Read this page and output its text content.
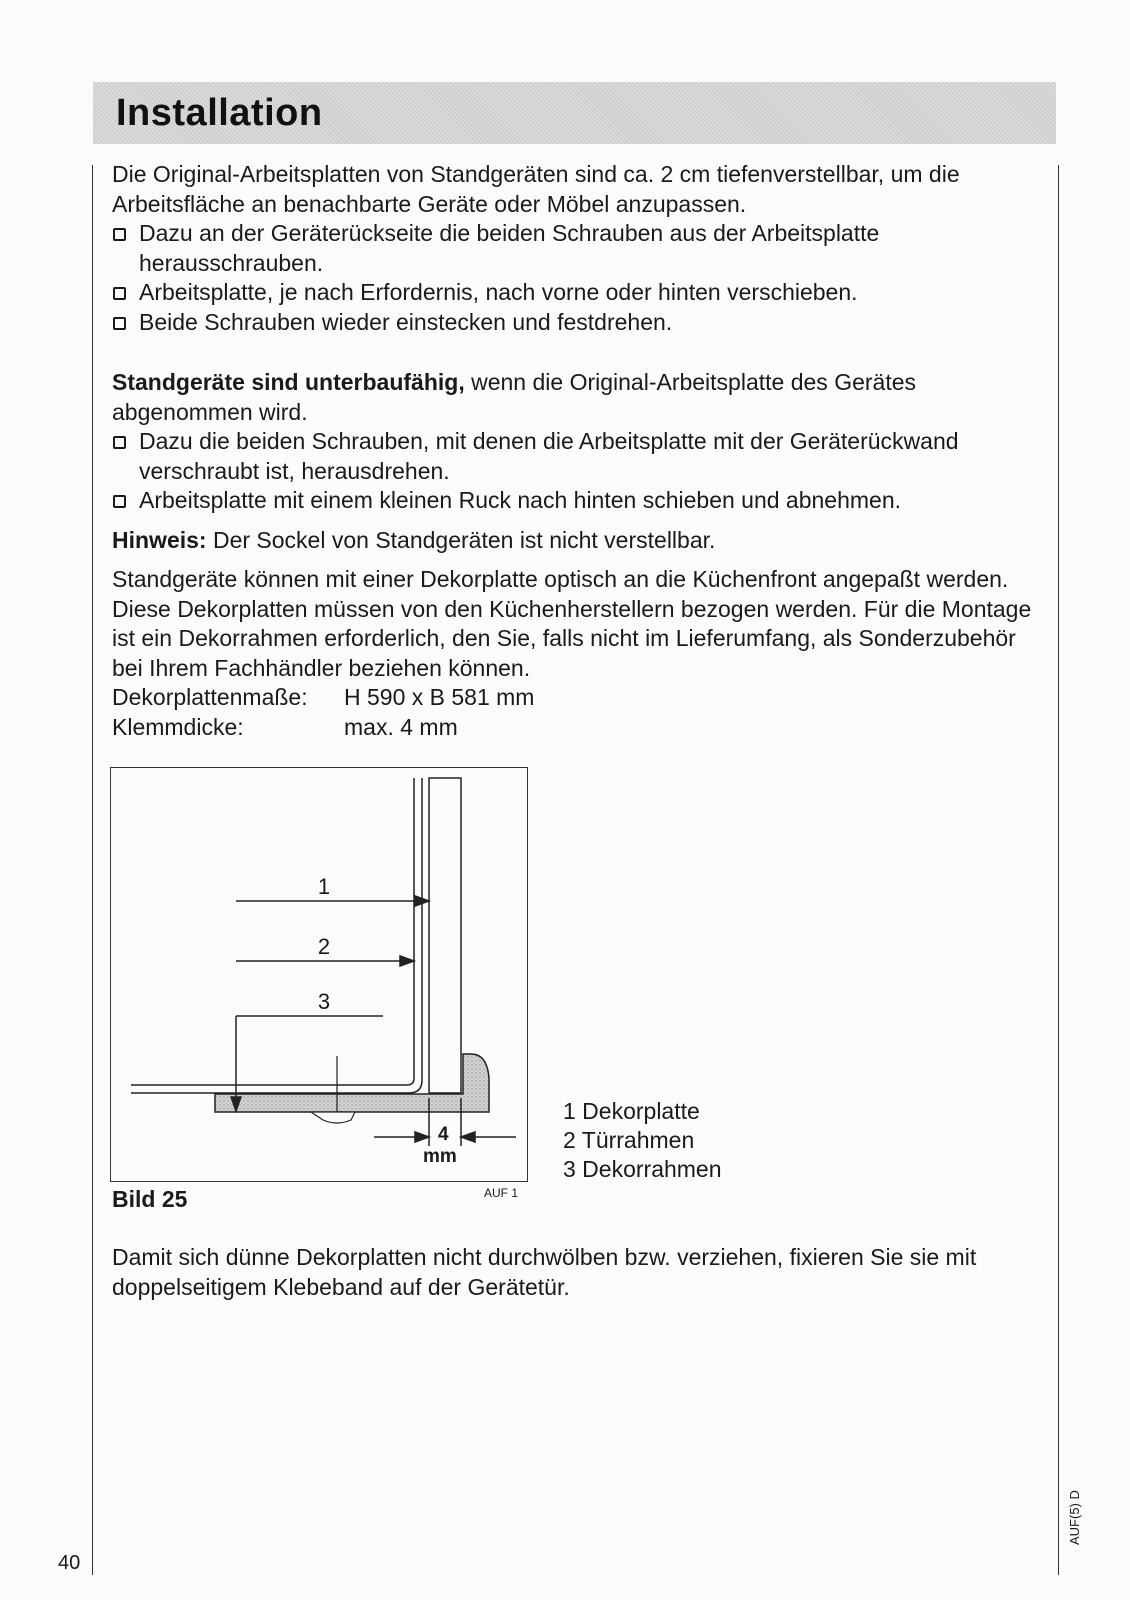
Installation

Die Original-Arbeitsplatten von Standgeräten sind ca. 2 cm tiefenverstellbar, um die Arbeitsfläche an benachbarte Geräte oder Möbel anzupassen.

Dazu an der Geräterückseite die beiden Schrauben aus der Arbeitsplatte herausschrauben.
Arbeitsplatte, je nach Erfordernis, nach vorne oder hinten verschieben.
Beide Schrauben wieder einstecken und festdrehen.

Standgeräte sind unterbaufähig, wenn die Original-Arbeitsplatte des Gerätes abgenommen wird.

Dazu die beiden Schrauben, mit denen die Arbeitsplatte mit der Geräterückwand verschraubt ist, herausdrehen.
Arbeitsplatte mit einem kleinen Ruck nach hinten schieben und abnehmen.

Hinweis: Der Sockel von Standgeräten ist nicht verstellbar.

Standgeräte können mit einer Dekorplatte optisch an die Küchenfront angepaßt werden. Diese Dekorplatten müssen von den Küchenherstellern bezogen werden. Für die Montage ist ein Dekorrahmen erforderlich, den Sie, falls nicht im Lieferumfang, als Sonderzubehör bei Ihrem Fachhändler beziehen können.

Dekorplattenmaße:	H 590 x B 581 mm
Klemmdicke:	max. 4 mm
1
2
3
4
mm
Bild 25	AUF 1
1 Dekorplatte
2 Türrahmen
3 Dekorrahmen

Damit sich dünne Dekorplatten nicht durchwölben bzw. verziehen, fixieren Sie sie mit doppelseitigem Klebeband auf der Gerätetür.

40
AUF(5) D
